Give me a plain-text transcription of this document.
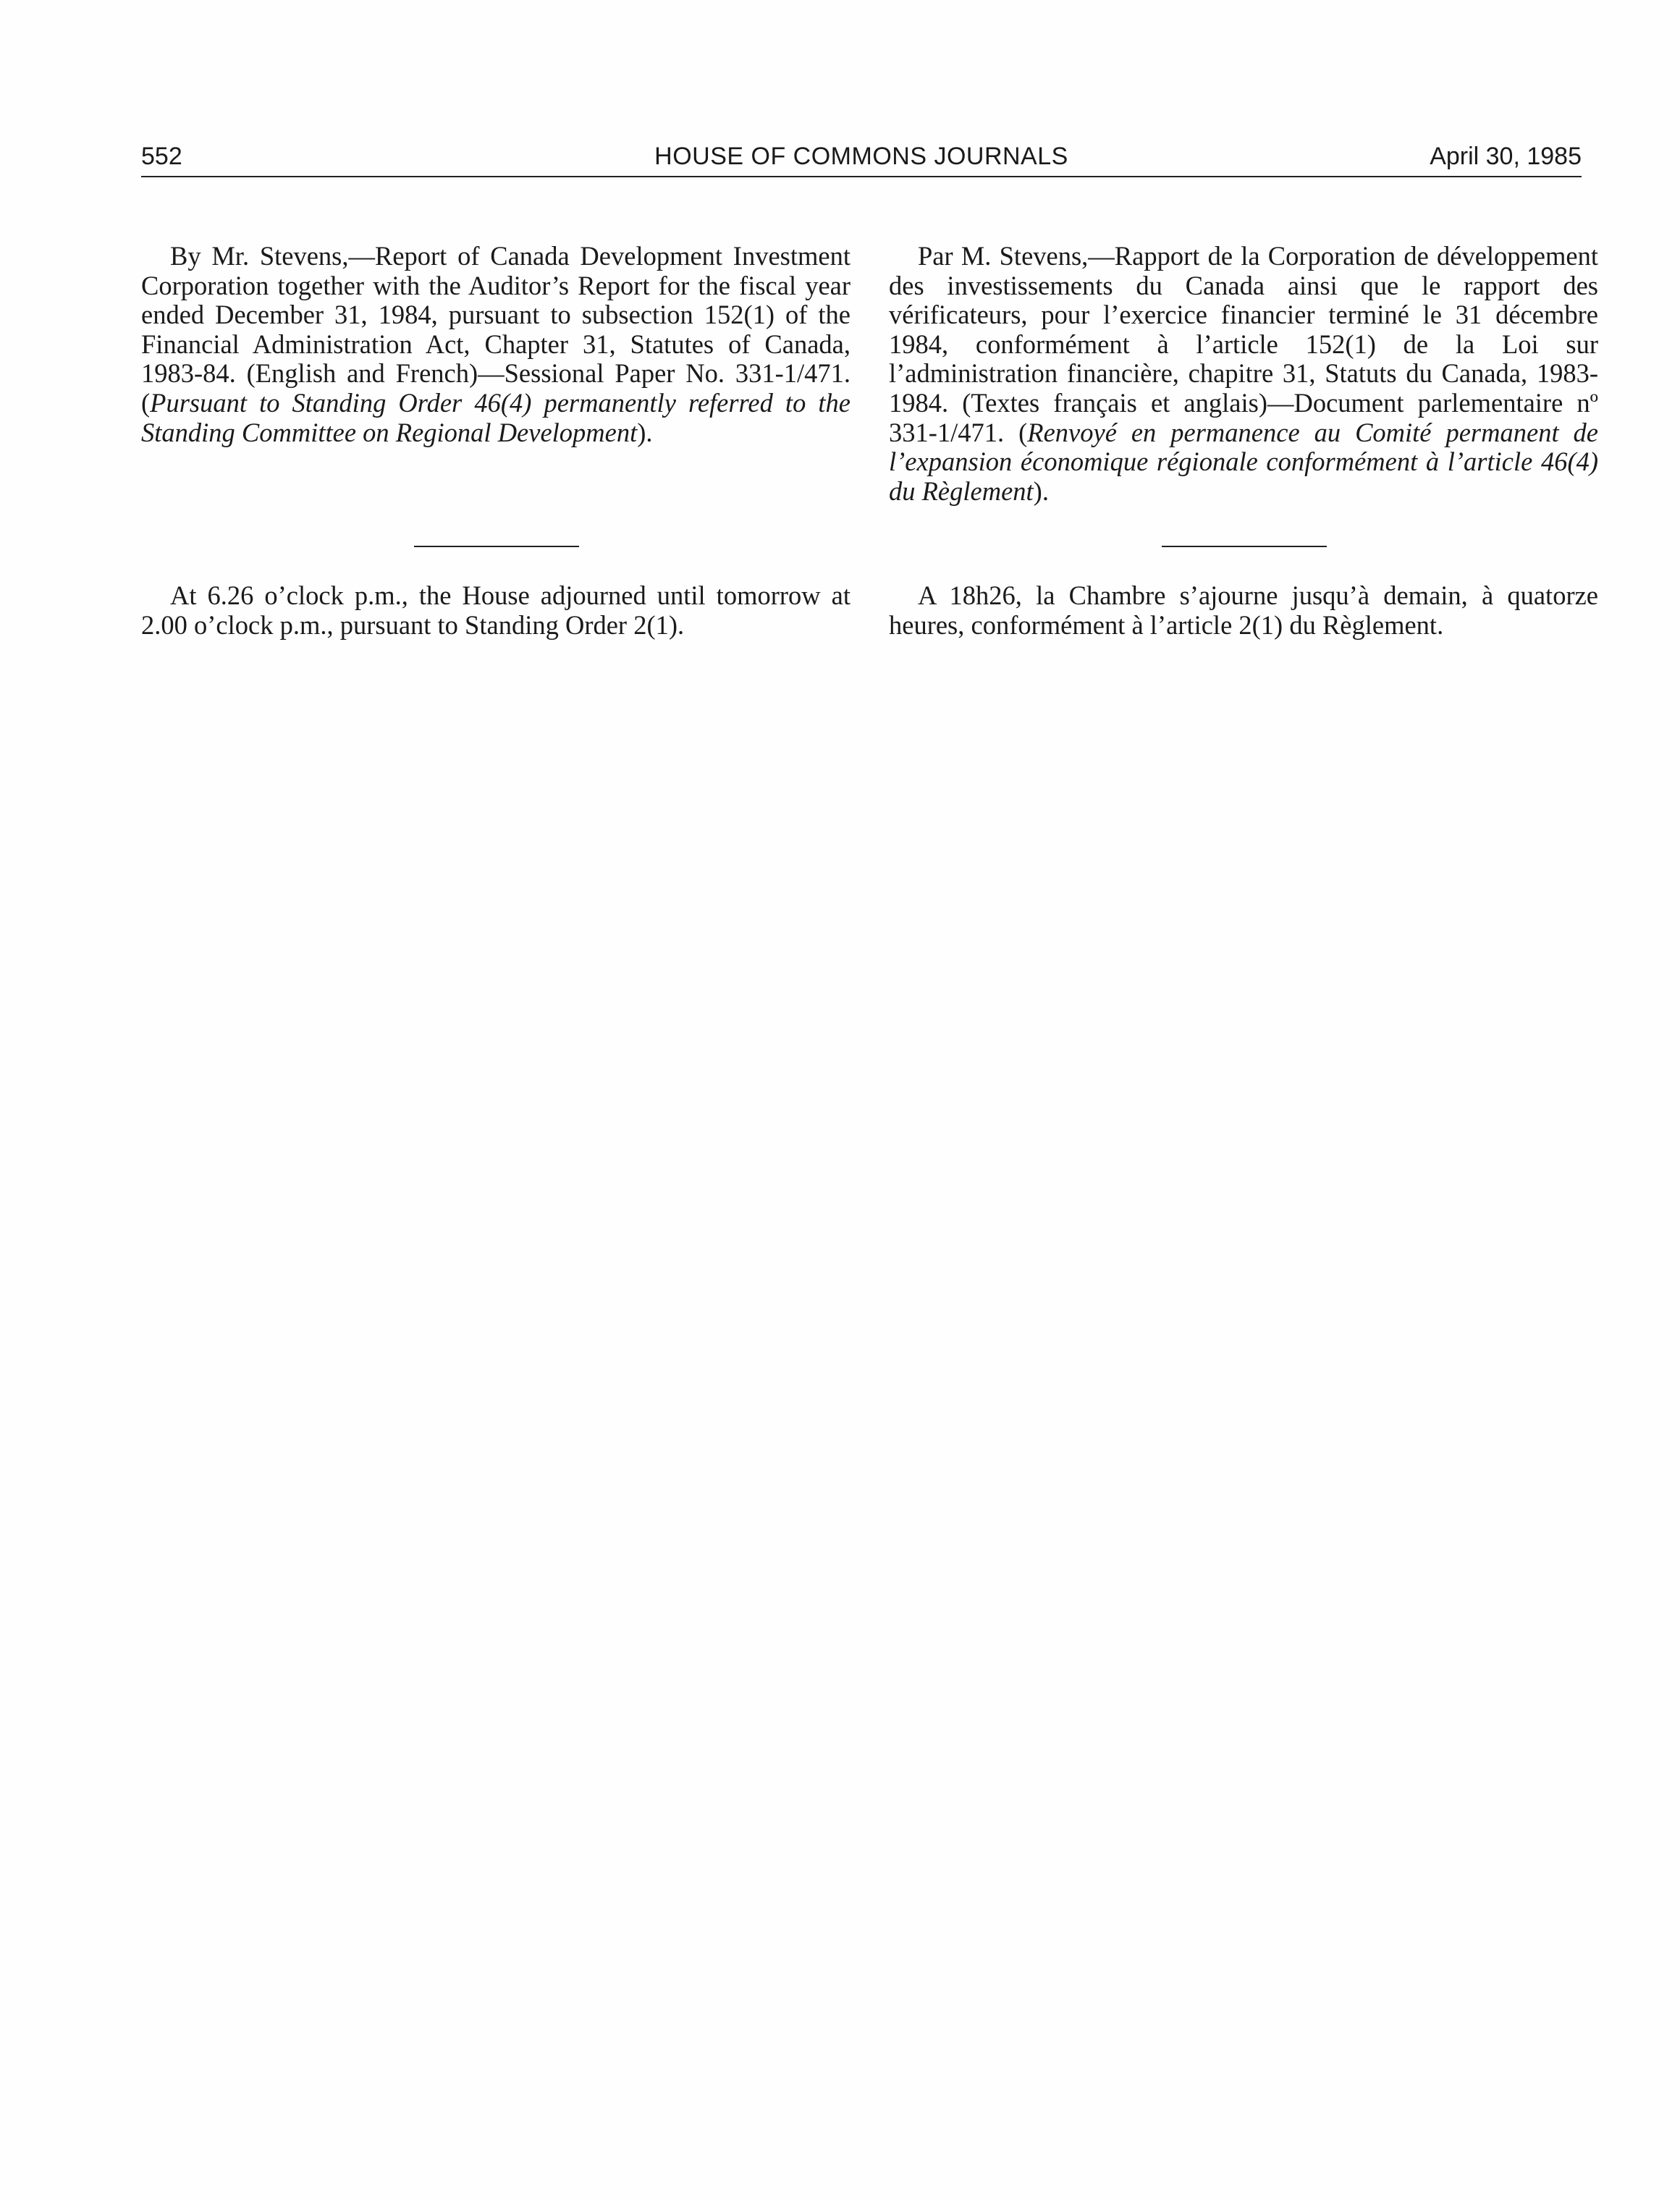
552	HOUSE OF COMMONS JOURNALS	April 30, 1985

By Mr. Stevens,—Report of Canada Development Investment Corporation together with the Auditor’s Report for the fiscal year ended December 31, 1984, pursuant to subsection 152(1) of the Financial Administration Act, Chapter 31, Statutes of Canada, 1983-84. (English and French)—Sessional Paper No. 331-1/471. (Pursuant to Standing Order 46(4) permanently referred to the Standing Committee on Regional Development).

Par M. Stevens,—Rapport de la Corporation de développement des investissements du Canada ainsi que le rapport des vérificateurs, pour l’exercice financier terminé le 31 décembre 1984, conformément à l’article 152(1) de la Loi sur l’administration financière, chapitre 31, Statuts du Canada, 1983-1984. (Textes français et anglais)—Document parlementaire nº 331-1/471. (Renvoyé en permanence au Comité permanent de l’expansion économique régionale conformément à l’article 46(4) du Règlement).

At 6.26 o’clock p.m., the House adjourned until tomorrow at 2.00 o’clock p.m., pursuant to Standing Order 2(1).

A 18h26, la Chambre s’ajourne jusqu’à demain, à quatorze heures, conformément à l’article 2(1) du Règlement.
